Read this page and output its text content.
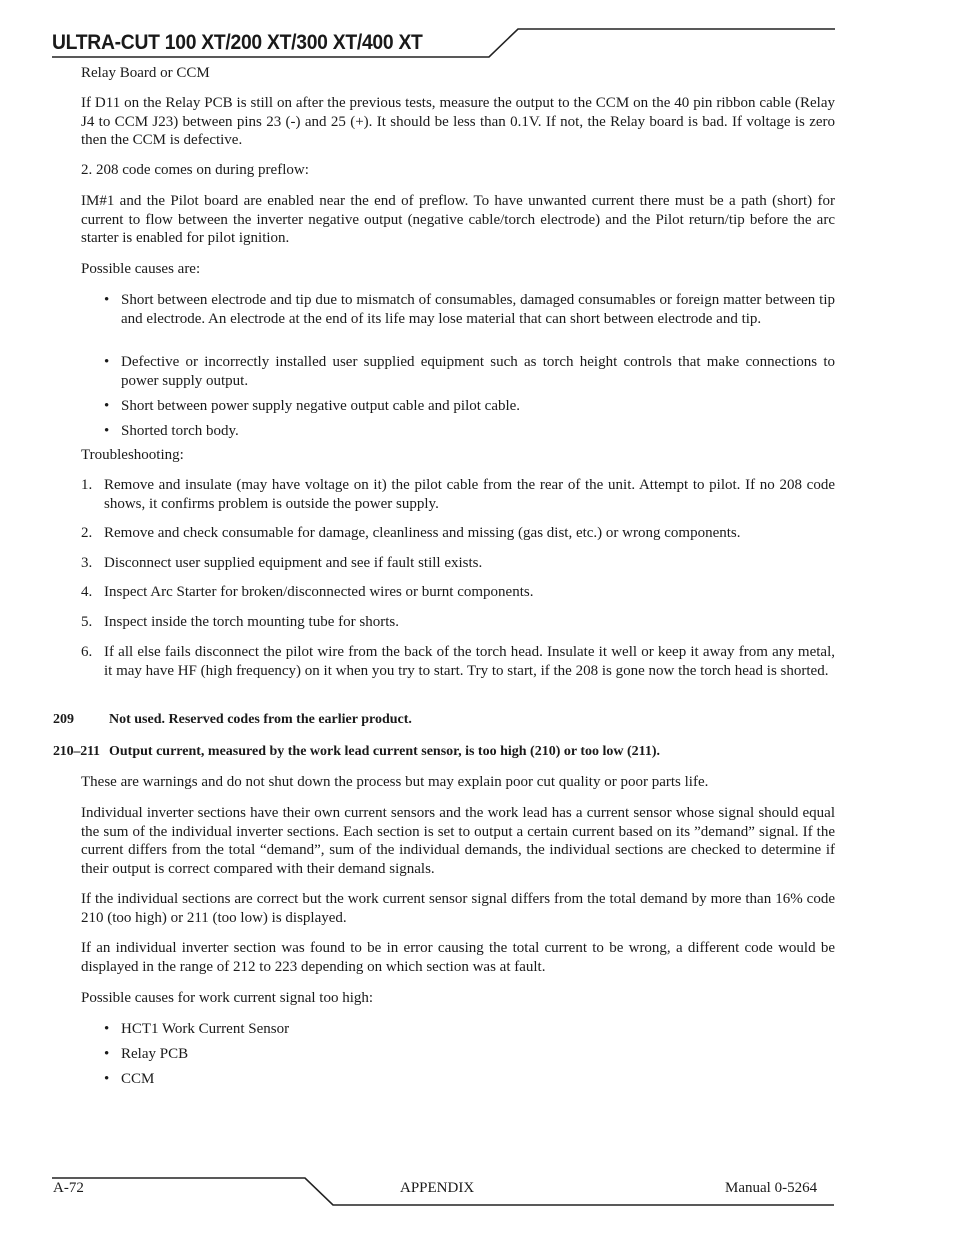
ULTRA-CUT 100 XT/200 XT/300 XT/400 XT
Relay Board or CCM
If D11 on the Relay PCB is still on after the previous tests, measure the output to the CCM on the 40 pin ribbon cable (Relay J4 to CCM J23) between pins 23 (-) and 25 (+). It should be less than 0.1V. If not, the Relay board is bad. If voltage is zero then the CCM is defective.
2. 208 code comes on during preflow:
IM#1 and the Pilot board are enabled near the end of preflow. To have unwanted current there must be a path (short) for current to flow between the inverter negative output (negative cable/torch electrode) and the Pilot return/tip before the arc starter is enabled for pilot ignition.
Possible causes are:
• Short between electrode and tip due to mismatch of consumables, damaged consumables or foreign matter between tip and electrode. An electrode at the end of its life may lose material that can short between electrode and tip.
• Defective or incorrectly installed user supplied equipment such as torch height controls that make connections to power supply output.
• Short between power supply negative output cable and pilot cable.
• Shorted torch body.
Troubleshooting:
1. Remove and insulate (may have voltage on it) the pilot cable from the rear of the unit. Attempt to pilot. If no 208 code shows, it confirms problem is outside the power supply.
2. Remove and check consumable for damage, cleanliness and missing (gas dist, etc.) or wrong components.
3. Disconnect user supplied equipment and see if fault still exists.
4. Inspect Arc Starter for broken/disconnected wires or burnt components.
5. Inspect inside the torch mounting tube for shorts.
6. If all else fails disconnect the pilot wire from the back of the torch head. Insulate it well or keep it away from any metal, it may have HF (high frequency) on it when you try to start. Try to start, if the 208 is gone now the torch head is shorted.
209	Not used. Reserved codes from the earlier product.
210–211 Output current, measured by the work lead current sensor, is too high (210) or too low (211).
These are warnings and do not shut down the process but may explain poor cut quality or poor parts life.
Individual inverter sections have their own current sensors and the work lead has a current sensor whose signal should equal the sum of the individual inverter sections. Each section is set to output a certain current based on its ”demand” signal. If the current differs from the total “demand”, sum of the individual demands, the individual sections are checked to determine if their output is correct compared with their demand signals.
If the individual sections are correct but the work current sensor signal differs from the total demand by more than 16% code 210 (too high) or 211 (too low) is displayed.
If an individual inverter section was found to be in error causing the total current to be wrong, a different code would be displayed in the range of 212 to 223 depending on which section was at fault.
Possible causes for work current signal too high:
• HCT1 Work Current Sensor
• Relay PCB
• CCM
A-72	APPENDIX	Manual 0-5264
